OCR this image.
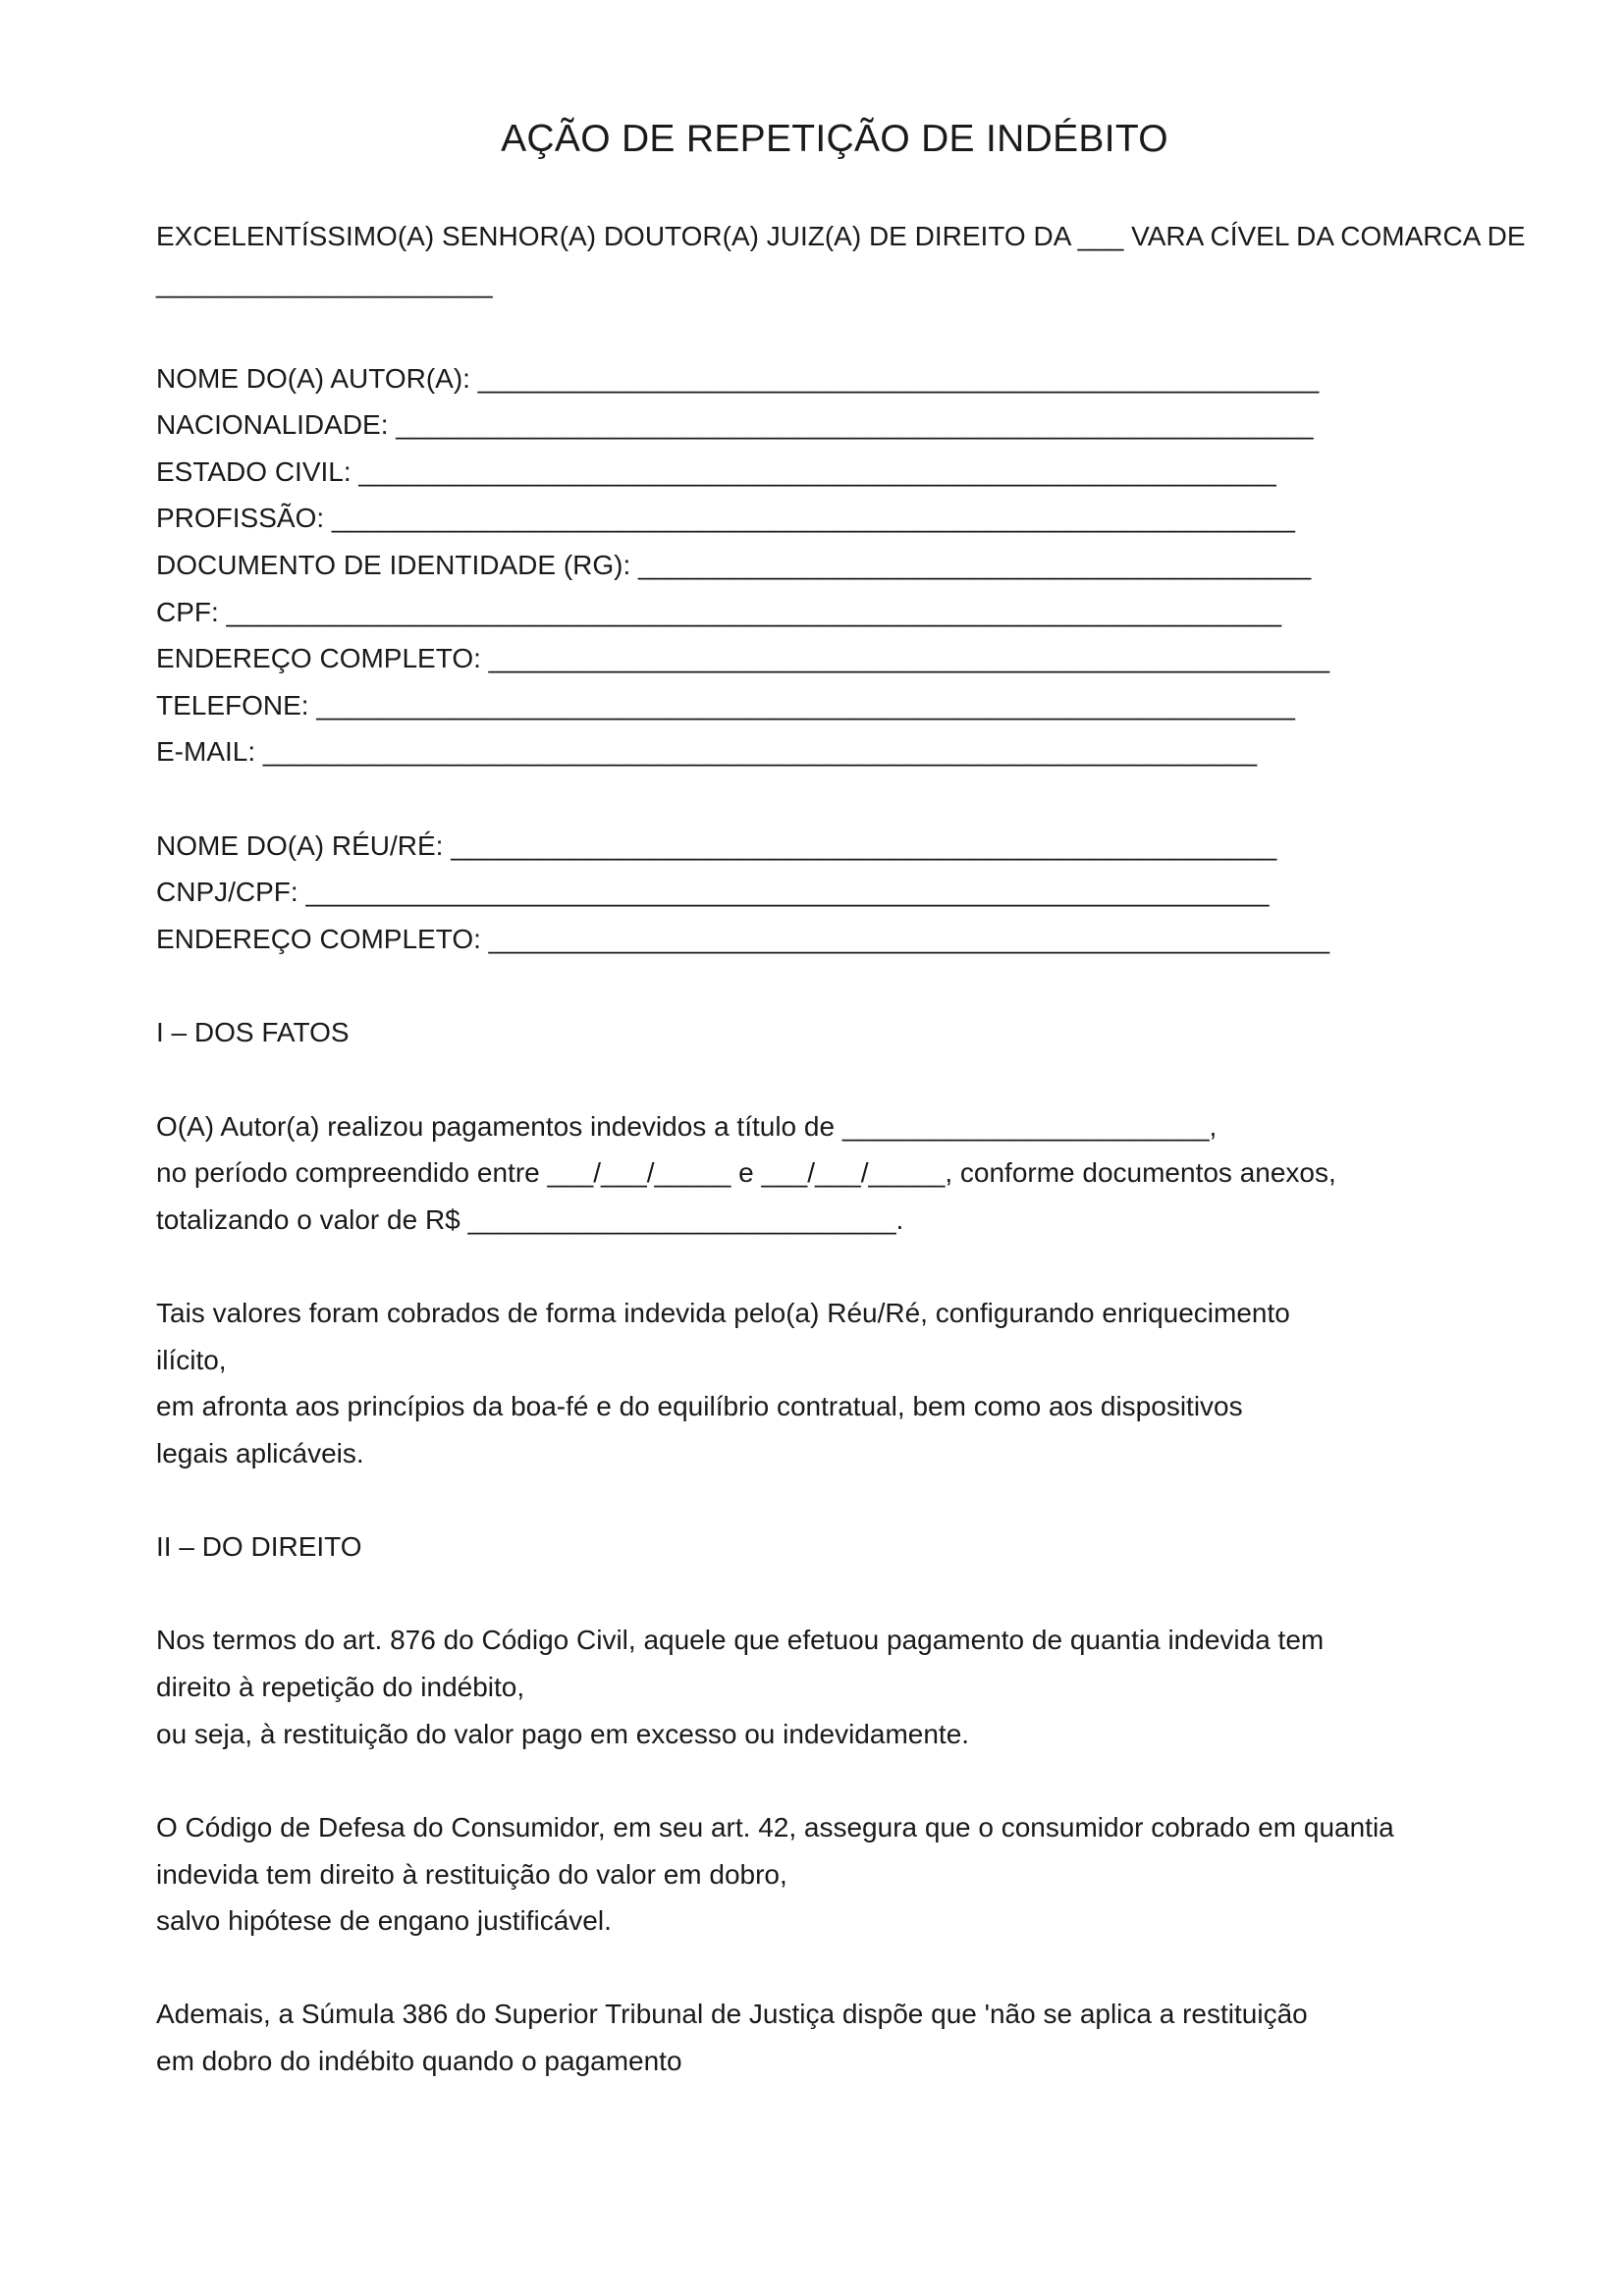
AÇÃO DE REPETIÇÃO DE INDÉBITO
EXCELENTÍSSIMO(A) SENHOR(A) DOUTOR(A) JUIZ(A) DE DIREITO DA ___ VARA CÍVEL DA COMARCA DE
______________________
NOME DO(A) AUTOR(A): _______________________________________________________
NACIONALIDADE: ____________________________________________________________
ESTADO CIVIL: ____________________________________________________________
PROFISSÃO: _______________________________________________________________
DOCUMENTO DE IDENTIDADE (RG): ____________________________________________
CPF: _____________________________________________________________________
ENDEREÇO COMPLETO: _______________________________________________________
TELEFONE: ________________________________________________________________
E-MAIL: _________________________________________________________________
NOME DO(A) RÉU/RÉ: ______________________________________________________
CNPJ/CPF: _______________________________________________________________
ENDEREÇO COMPLETO: _______________________________________________________
I – DOS FATOS
O(A) Autor(a) realizou pagamentos indevidos a título de ________________________,
no período compreendido entre ___/___/_____ e ___/___/_____, conforme documentos anexos,
totalizando o valor de R$ ____________________________.
Tais valores foram cobrados de forma indevida pelo(a) Réu/Ré, configurando enriquecimento
ilícito,
em afronta aos princípios da boa-fé e do equilíbrio contratual, bem como aos dispositivos
legais aplicáveis.
II – DO DIREITO
Nos termos do art. 876 do Código Civil, aquele que efetuou pagamento de quantia indevida tem
direito à repetição do indébito,
ou seja, à restituição do valor pago em excesso ou indevidamente.
O Código de Defesa do Consumidor, em seu art. 42, assegura que o consumidor cobrado em quantia
indevida tem direito à restituição do valor em dobro,
salvo hipótese de engano justificável.
Ademais, a Súmula 386 do Superior Tribunal de Justiça dispõe que 'não se aplica a restituição
em dobro do indébito quando o pagamento
